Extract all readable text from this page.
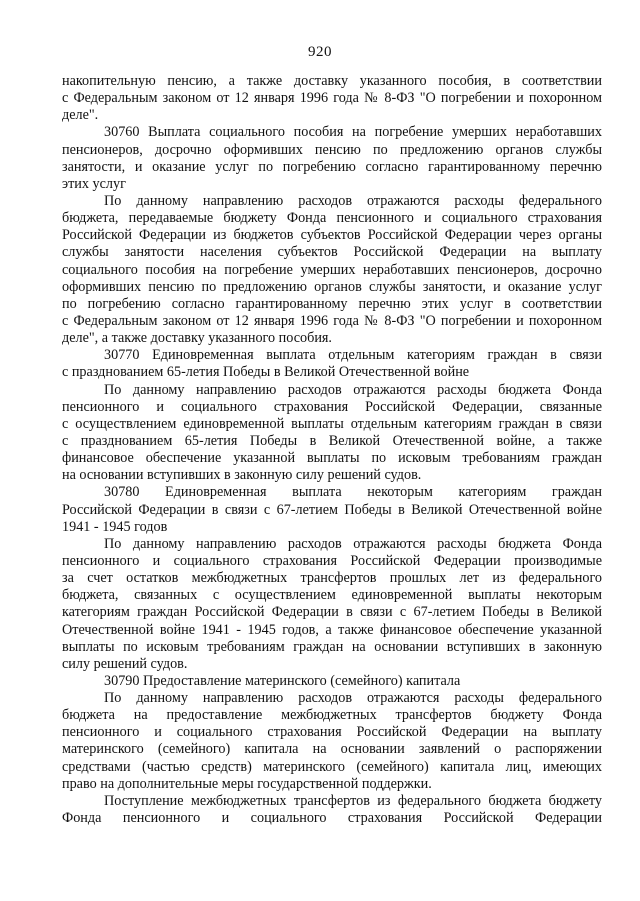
920
накопительную пенсию, а также доставку указанного пособия, в соответствии
с Федеральным законом от 12 января 1996 года № 8-ФЗ "О погребении и похоронном
деле".
30760 Выплата социального пособия на погребение умерших неработавших
пенсионеров, досрочно оформивших пенсию по предложению органов службы
занятости, и оказание услуг по погребению согласно гарантированному перечню
этих услуг
По данному направлению расходов отражаются расходы федерального
бюджета, передаваемые бюджету Фонда пенсионного и социального страхования
Российской Федерации из бюджетов субъектов Российской Федерации через органы
службы занятости населения субъектов Российской Федерации на выплату
социального пособия на погребение умерших неработавших пенсионеров, досрочно
оформивших пенсию по предложению органов службы занятости, и оказание услуг
по погребению согласно гарантированному перечню этих услуг в соответствии
с Федеральным законом от 12 января 1996 года № 8-ФЗ "О погребении и похоронном
деле", а также доставку указанного пособия.
30770 Единовременная выплата отдельным категориям граждан в связи
с празднованием 65-летия Победы в Великой Отечественной войне
По данному направлению расходов отражаются расходы бюджета Фонда
пенсионного и социального страхования Российской Федерации, связанные
с осуществлением единовременной выплаты отдельным категориям граждан в связи
с празднованием 65-летия Победы в Великой Отечественной войне, а также
финансовое обеспечение указанной выплаты по исковым требованиям граждан
на основании вступивших в законную силу решений судов.
30780 Единовременная выплата некоторым категориям граждан
Российской Федерации в связи с 67-летием Победы в Великой Отечественной войне
1941 - 1945 годов
По данному направлению расходов отражаются расходы бюджета Фонда
пенсионного и социального страхования Российской Федерации производимые
за счет остатков межбюджетных трансфертов прошлых лет из федерального
бюджета, связанных с осуществлением единовременной выплаты некоторым
категориям граждан Российской Федерации в связи с 67-летием Победы в Великой
Отечественной войне 1941 - 1945 годов, а также финансовое обеспечение указанной
выплаты по исковым требованиям граждан на основании вступивших в законную
силу решений судов.
30790 Предоставление материнского (семейного) капитала
По данному направлению расходов отражаются расходы федерального
бюджета на предоставление межбюджетных трансфертов бюджету Фонда
пенсионного и социального страхования Российской Федерации на выплату
материнского (семейного) капитала на основании заявлений о распоряжении
средствами (частью средств) материнского (семейного) капитала лиц, имеющих
право на дополнительные меры государственной поддержки.
Поступление межбюджетных трансфертов из федерального бюджета бюджету
Фонда пенсионного и социального страхования Российской Федерации
